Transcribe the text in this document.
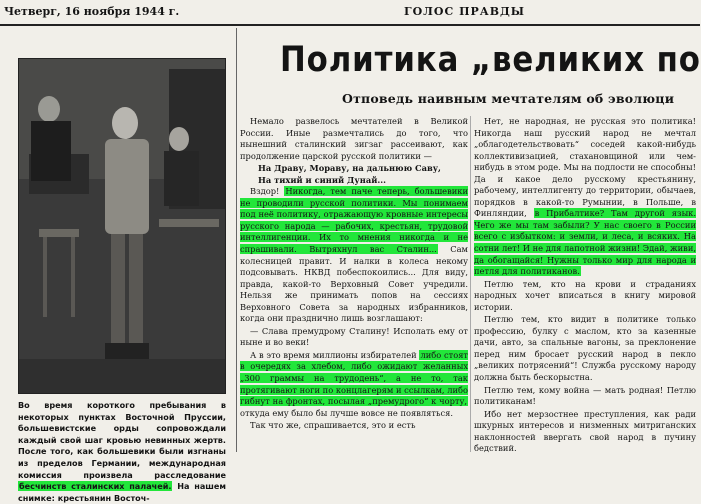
Четверг, 16 ноября 1944 г.	ГОЛОС ПРАВДЫ
Во время короткого пребывания в некоторых пунктах Восточной Пруссии, большевистские орды сопровождали каждый свой шаг кровью невинных жертв. После того, как большевики были изгнаны из пределов Германии, международная комиссия произвела расследование бесчинств сталинских палачей. На нашем снимке: крестьянин Восточ-
Политика „великих по
Отповедь наивным мечтателям об эволюци

Немало развелось мечтателей в Великой России. Иные размечтались до того, что нынешний сталинский зигзаг рассеивают, как продолжение царской русской политики —

На Драву, Мораву, на дальнюю Саву,

На тихий и синий Дунай...

Вздор! Никогда, тем паче теперь, большевики не проводили русской политики. Мы понимаем под неё политику, отражающую кровные интересы русского народа — рабочих, крестьян, трудовой интеллигенции. Их то мнения никогда и не спрашивали. Вытряхнул вас Сталин... Сам колесницей правит. И налки в колеса некому подсовывать. НКВД побеспокоились... Для виду, правда, какой-то Верховный Совет учредили. Нельзя же принимать попов на сессиях Верховного Совета за народных избранников, когда они празднично лишь возглашают:

— Слава премудрому Сталину! Исполать ему от ныне и во веки!

А в это время миллионы избирателей либо стоят в очередях за хлебом, либо ожидают желанных „300 граммы на трудодень“, а не то, так протягивают ноги по концлагерям и ссылкам, либо гибнут на фронтах, посылая „премудрого“ к чорту, откуда ему было бы лучше вовсе не появляться.

Так что же, спрашивается, это и есть

Нет, не народная, не русская это политика! Никогда наш русский народ не мечтал „облагодетельствовать“ соседей какой-нибудь коллективизацией, стахановщиной или чем-нибудь в этом роде. Мы на подлости не способны! Да и какое дело русскому крестьянину, рабочему, интеллигенту до территории, обычаев, порядков в какой-то Румынии, в Польше, в Финляндии, в Прибалтике? Там другой язык. Чего же мы там забыли? У нас своего в России всего с избытком: и земли, и леса, и всяких. На сотни лет! И не для лапотной жизни! Эдай, живи, да обогащайся! Нужны только мир для народа и петля для политиканов.

Петлю тем, кто на крови и страданиях народных хочет вписаться в книгу мировой истории.

Петлю тем, кто видит в политике только профессию, булку с маслом, кто за казенные дачи, авто, за спальные вагоны, за преклонение перед ним бросает русский народ в пекло „великих потрясений“! Служба русскому народу должна быть бескорыстна.

Петлю тем, кому война — мать родная! Петлю политиканам!

Ибо нет мерзостнее преступления, как ради шкурных интересов и низменных митриганских наклонностей ввергать свой народ в пучину бедствий.
